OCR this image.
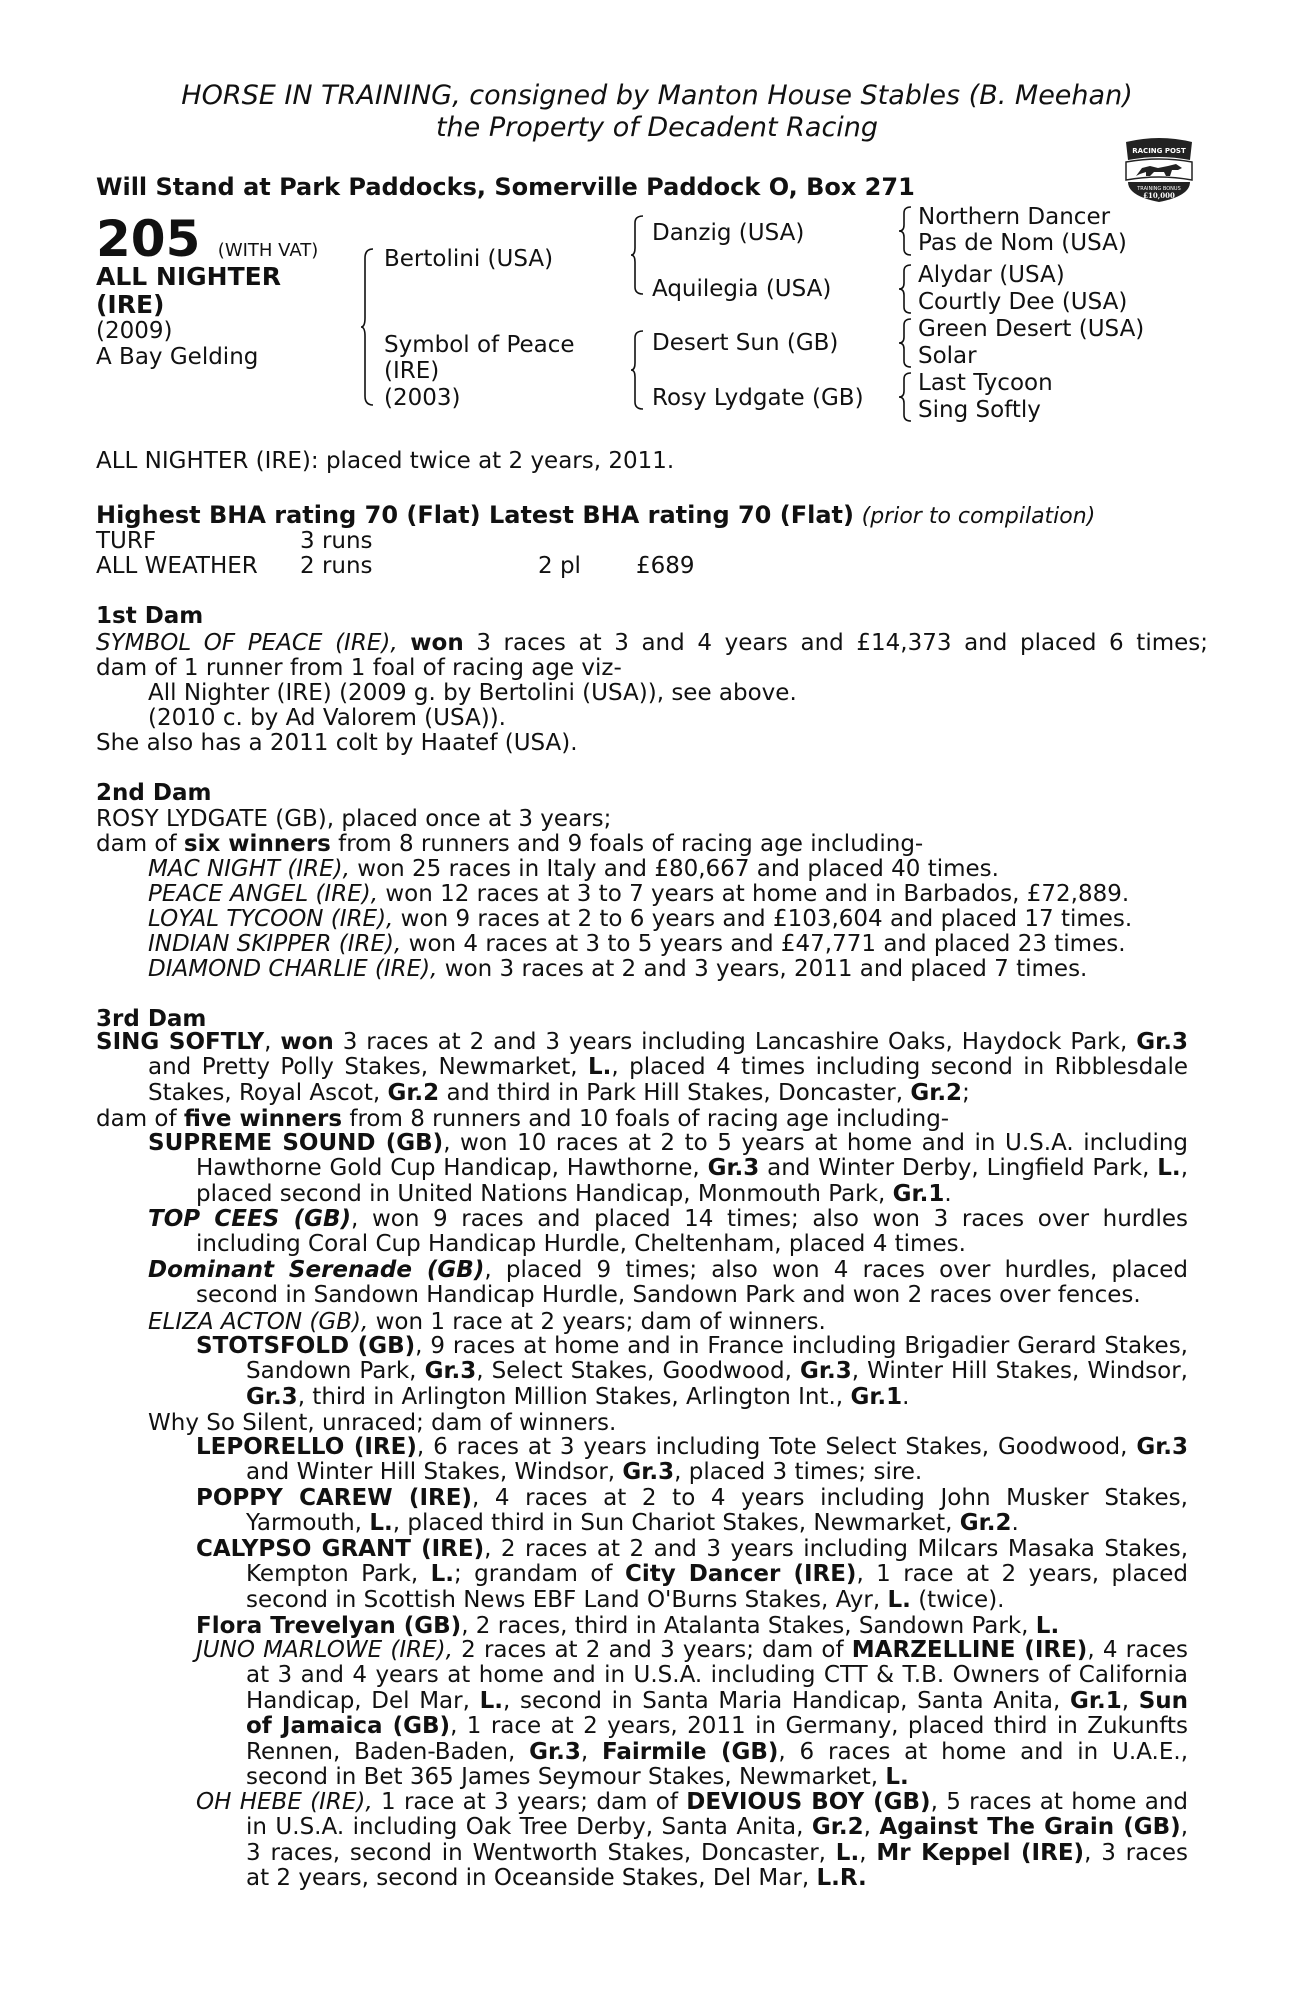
HORSE IN TRAINING, consigned by Manton House Stables (B. Meehan)
the Property of Decadent Racing
RACING POST
TRAINING BONUS
£10,000
Will Stand at Park Paddocks, Somerville Paddock O, Box 271
205 (WITH VAT)
ALL NIGHTER
(IRE)
(2009)
A Bay Gelding
Bertolini (USA)
Symbol of Peace
(IRE)
(2003)
Danzig (USA)
Aquilegia (USA)
Desert Sun (GB)
Rosy Lydgate (GB)
Northern Dancer
Pas de Nom (USA)
Alydar (USA)
Courtly Dee (USA)
Green Desert (USA)
Solar
Last Tycoon
Sing Softly
ALL NIGHTER (IRE): placed twice at 2 years, 2011.
Highest BHA rating 70 (Flat) Latest BHA rating 70 (Flat) (prior to compilation)
TURF	3 runs
ALL WEATHER 2 runs	2 pl £689
1st Dam
SYMBOL OF PEACE (IRE), won 3 races at 3 and 4 years and £14,373 and placed 6 times;
dam of 1 runner from 1 foal of racing age viz-
All Nighter (IRE) (2009 g. by Bertolini (USA)), see above.
(2010 c. by Ad Valorem (USA)).
She also has a 2011 colt by Haatef (USA).
2nd Dam
ROSY LYDGATE (GB), placed once at 3 years;
dam of six winners from 8 runners and 9 foals of racing age including-
MAC NIGHT (IRE), won 25 races in Italy and £80,667 and placed 40 times.
PEACE ANGEL (IRE), won 12 races at 3 to 7 years at home and in Barbados, £72,889.
LOYAL TYCOON (IRE), won 9 races at 2 to 6 years and £103,604 and placed 17 times.
INDIAN SKIPPER (IRE), won 4 races at 3 to 5 years and £47,771 and placed 23 times.
DIAMOND CHARLIE (IRE), won 3 races at 2 and 3 years, 2011 and placed 7 times.
3rd Dam

SING SOFTLY, won 3 races at 2 and 3 years including Lancashire Oaks, Haydock Park, Gr.3 and Pretty Polly Stakes, Newmarket, L., placed 4 times including second in Ribblesdale Stakes, Royal Ascot, Gr.2 and third in Park Hill Stakes, Doncaster, Gr.2;

dam of five winners from 8 runners and 10 foals of racing age including-

SUPREME SOUND (GB), won 10 races at 2 to 5 years at home and in U.S.A. including Hawthorne Gold Cup Handicap, Hawthorne, Gr.3 and Winter Derby, Lingfield Park, L., placed second in United Nations Handicap, Monmouth Park, Gr.1.

TOP CEES (GB), won 9 races and placed 14 times; also won 3 races over hurdles including Coral Cup Handicap Hurdle, Cheltenham, placed 4 times.

Dominant Serenade (GB), placed 9 times; also won 4 races over hurdles, placed second in Sandown Handicap Hurdle, Sandown Park and won 2 races over fences.

ELIZA ACTON (GB), won 1 race at 2 years; dam of winners.

STOTSFOLD (GB), 9 races at home and in France including Brigadier Gerard Stakes, Sandown Park, Gr.3, Select Stakes, Goodwood, Gr.3, Winter Hill Stakes, Windsor, Gr.3, third in Arlington Million Stakes, Arlington Int., Gr.1.

Why So Silent, unraced; dam of winners.

LEPORELLO (IRE), 6 races at 3 years including Tote Select Stakes, Goodwood, Gr.3 and Winter Hill Stakes, Windsor, Gr.3, placed 3 times; sire.

POPPY CAREW (IRE), 4 races at 2 to 4 years including John Musker Stakes, Yarmouth, L., placed third in Sun Chariot Stakes, Newmarket, Gr.2.

CALYPSO GRANT (IRE), 2 races at 2 and 3 years including Milcars Masaka Stakes, Kempton Park, L.; grandam of City Dancer (IRE), 1 race at 2 years, placed second in Scottish News EBF Land O'Burns Stakes, Ayr, L. (twice).

Flora Trevelyan (GB), 2 races, third in Atalanta Stakes, Sandown Park, L.

JUNO MARLOWE (IRE), 2 races at 2 and 3 years; dam of MARZELLINE (IRE), 4 races at 3 and 4 years at home and in U.S.A. including CTT & T.B. Owners of California Handicap, Del Mar, L., second in Santa Maria Handicap, Santa Anita, Gr.1, Sun of Jamaica (GB), 1 race at 2 years, 2011 in Germany, placed third in Zukunfts Rennen, Baden-Baden, Gr.3, Fairmile (GB), 6 races at home and in U.A.E., second in Bet 365 James Seymour Stakes, Newmarket, L.

OH HEBE (IRE), 1 race at 3 years; dam of DEVIOUS BOY (GB), 5 races at home and in U.S.A. including Oak Tree Derby, Santa Anita, Gr.2, Against The Grain (GB), 3 races, second in Wentworth Stakes, Doncaster, L., Mr Keppel (IRE), 3 races at 2 years, second in Oceanside Stakes, Del Mar, L.R.
